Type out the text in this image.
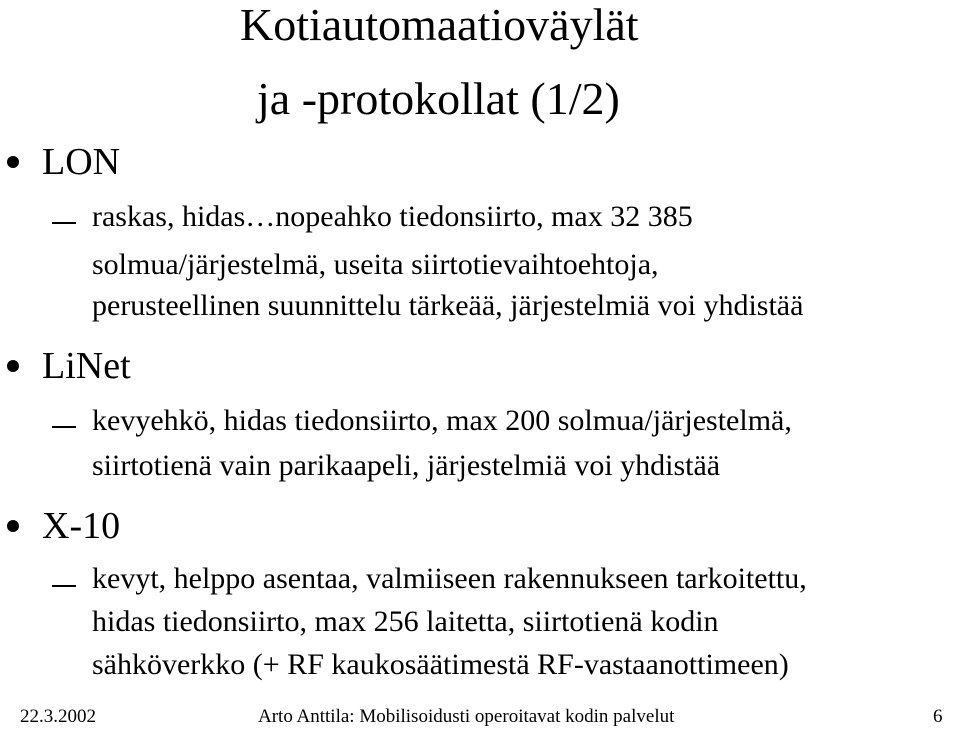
Kotiautomaatioväylät
ja -protokollat (1/2)
LON
raskas, hidas…nopeahko tiedonsiirto, max 32 385
solmua/järjestelmä, useita siirtotievaihtoehtoja,
perusteellinen suunnittelu tärkeää, järjestelmiä voi yhdistää
LiNet
kevyehkö, hidas tiedonsiirto, max 200 solmua/järjestelmä,
siirtotienä vain parikaapeli, järjestelmiä voi yhdistää
X-10
kevyt, helppo asentaa, valmiiseen rakennukseen tarkoitettu,
hidas tiedonsiirto, max 256 laitetta, siirtotienä kodin
sähköverkko (+ RF kaukosäätimestä RF-vastaanottimeen)
22.3.2002	Arto Anttila: Mobilisoidusti operoitavat kodin palvelut	6
